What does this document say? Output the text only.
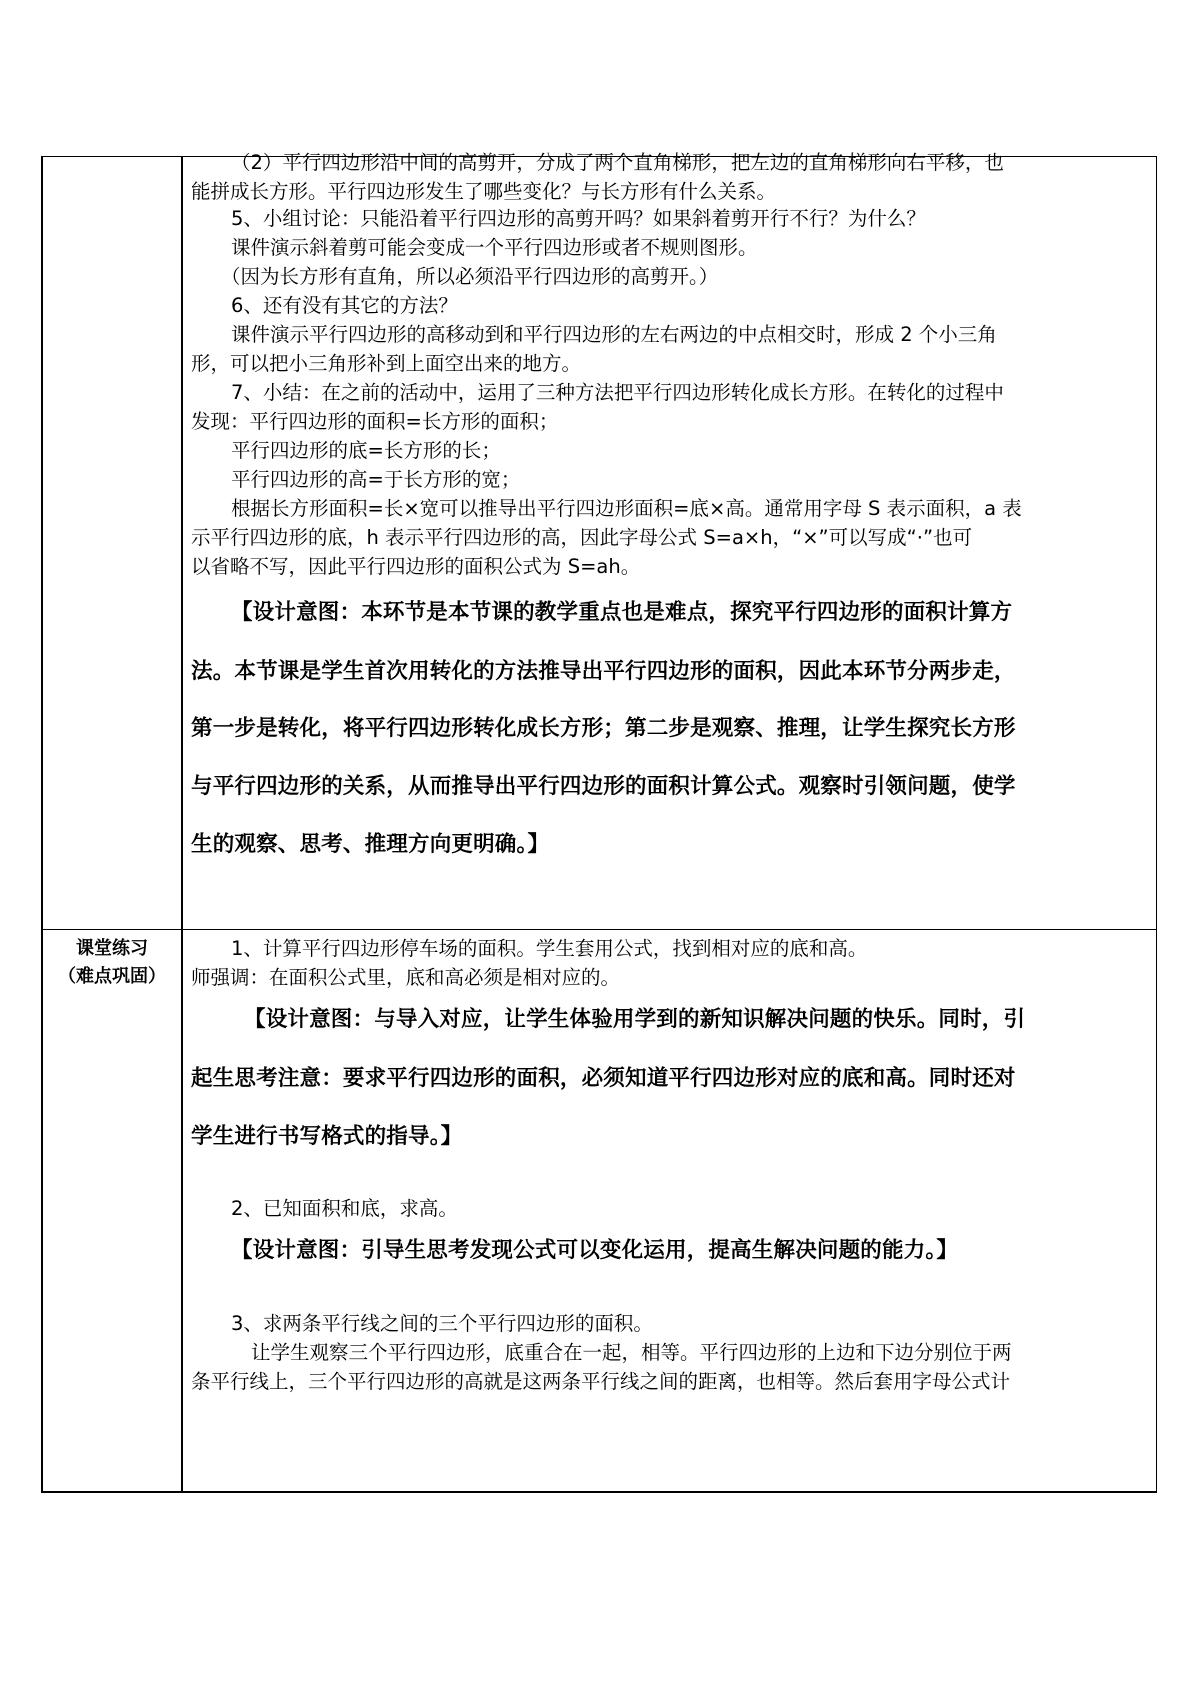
（2）平行四边形沿中间的高剪开，分成了两个直角梯形，把左边的直角梯形向右平移，也
能拼成长方形。平行四边形发生了哪些变化？与长方形有什么关系。
5、小组讨论：只能沿着平行四边形的高剪开吗？如果斜着剪开行不行？为什么？
课件演示斜着剪可能会变成一个平行四边形或者不规则图形。
（因为长方形有直角，所以必须沿平行四边形的高剪开。）
6、还有没有其它的方法？
课件演示平行四边形的高移动到和平行四边形的左右两边的中点相交时，形成 2 个小三角
形，可以把小三角形补到上面空出来的地方。
7、小结：在之前的活动中，运用了三种方法把平行四边形转化成长方形。在转化的过程中
发现：平行四边形的面积=长方形的面积；
平行四边形的底=长方形的长；
平行四边形的高=于长方形的宽；
根据长方形面积=长×宽可以推导出平行四边形面积=底×高。通常用字母 S 表示面积，a 表
示平行四边形的底，h 表示平行四边形的高，因此字母公式 S=a×h，“×”可以写成“·”也可
以省略不写，因此平行四边形的面积公式为 S=ah。
【设计意图：本环节是本节课的教学重点也是难点，探究平行四边形的面积计算方
法。本节课是学生首次用转化的方法推导出平行四边形的面积，因此本环节分两步走，
第一步是转化，将平行四边形转化成长方形；第二步是观察、推理，让学生探究长方形
与平行四边形的关系，从而推导出平行四边形的面积计算公式。观察时引领问题，使学
生的观察、思考、推理方向更明确。】
课堂练习
（难点巩固）
1、计算平行四边形停车场的面积。学生套用公式，找到相对应的底和高。
师强调：在面积公式里，底和高必须是相对应的。
【设计意图：与导入对应，让学生体验用学到的新知识解决问题的快乐。同时，引
起生思考注意：要求平行四边形的面积，必须知道平行四边形对应的底和高。同时还对
学生进行书写格式的指导。】
2、已知面积和底，求高。
【设计意图：引导生思考发现公式可以变化运用，提高生解决问题的能力。】
3、求两条平行线之间的三个平行四边形的面积。
让学生观察三个平行四边形，底重合在一起，相等。平行四边形的上边和下边分别位于两
条平行线上，三个平行四边形的高就是这两条平行线之间的距离，也相等。然后套用字母公式计
